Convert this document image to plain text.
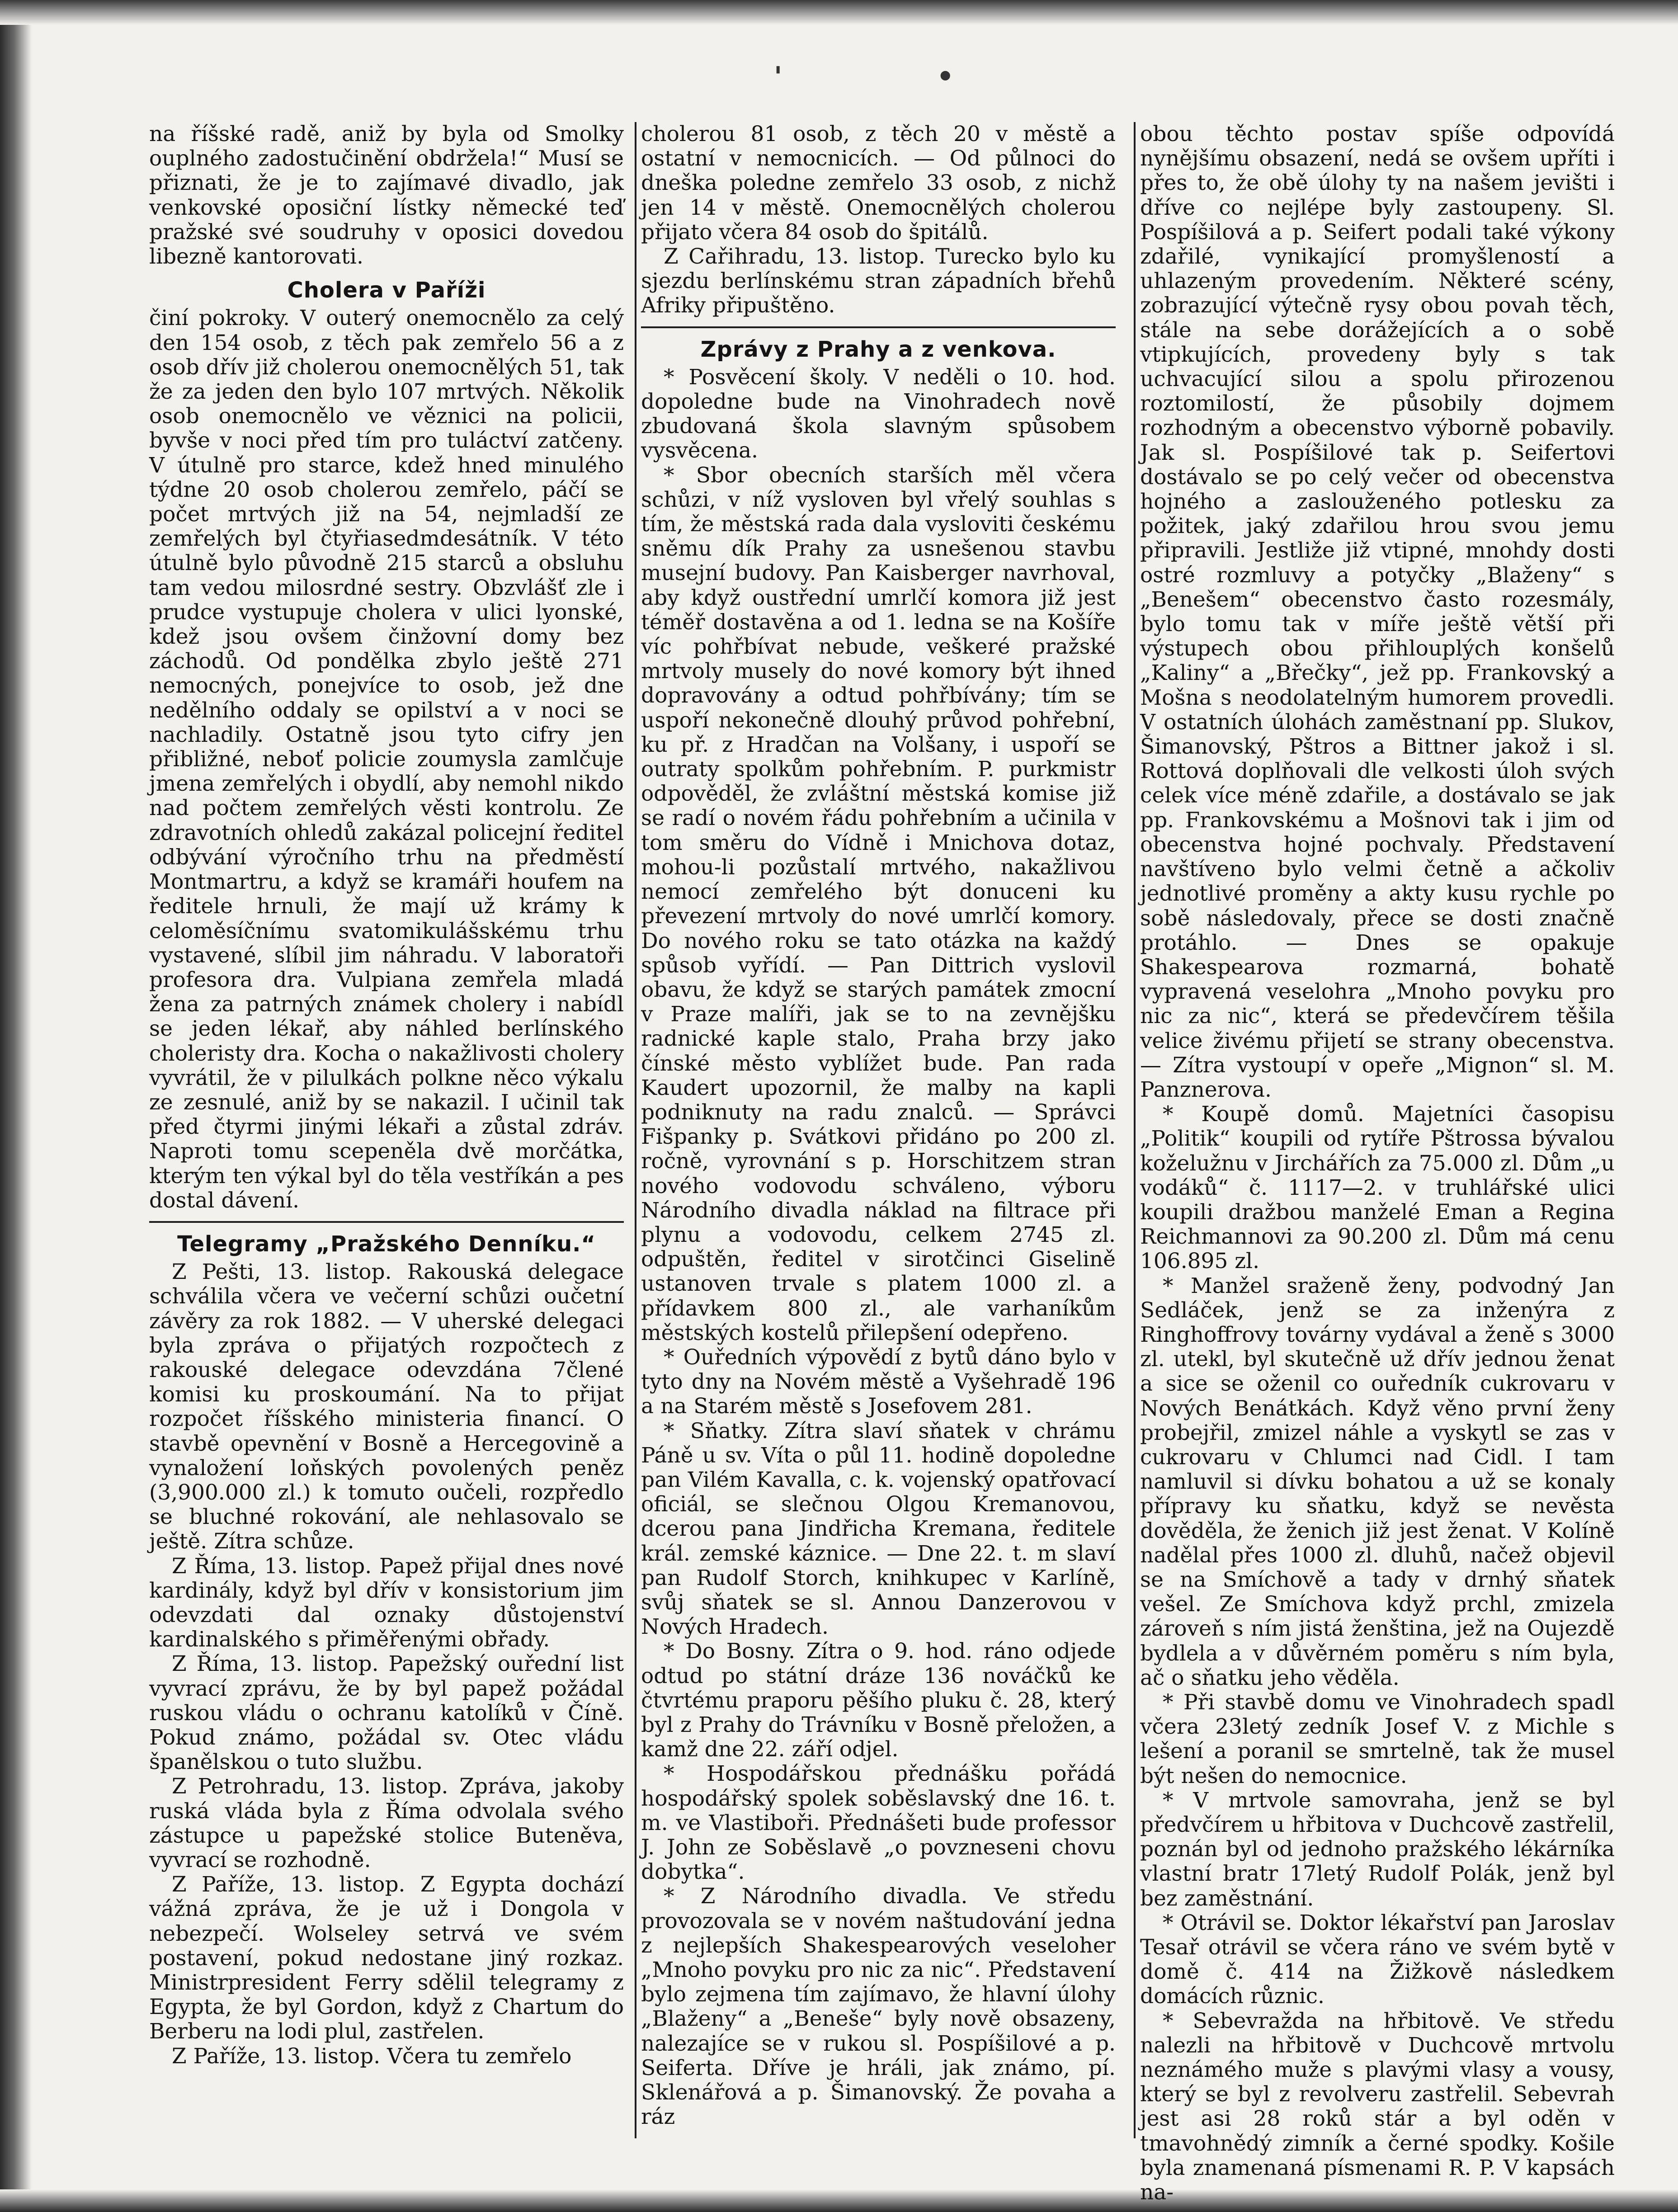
'	•

na říšské radě, aniž by byla od Smolky ouplného zadostučinění obdržela!“ Musí se přiznati, že je to zajímavé divadlo, jak venkovské oposiční lístky německé teď pražské své soudruhy v oposici dovedou libezně kantorovati.

Cholera v Paříži

činí pokroky. V outerý onemocnělo za celý den 154 osob, z těch pak zemřelo 56 a z osob dřív již cholerou onemocnělých 51, tak že za jeden den bylo 107 mrtvých. Několik osob onemocnělo ve věznici na policii, byvše v noci před tím pro tuláctví zatčeny. V útulně pro starce, kdež hned minulého týdne 20 osob cholerou zemřelo, páčí se počet mrtvých již na 54, nejmladší ze zemřelých byl čtyřiasedmdesátník. V této útulně bylo původně 215 starců a obsluhu tam vedou milosrdné sestry. Obzvlášť zle i prudce vystupuje cholera v ulici lyonské, kdež jsou ovšem činžovní domy bez záchodů. Od pondělka zbylo ještě 271 nemocných, ponejvíce to osob, jež dne nedělního oddaly se opilství a v noci se nachladily. Ostatně jsou tyto cifry jen přibližné, neboť policie zoumysla zamlčuje jmena zemřelých i obydlí, aby nemohl nikdo nad počtem zemřelých věsti kontrolu. Ze zdravotních ohledů zakázal policejní ředitel odbývání výročního trhu na předměstí Montmartru, a když se kramáři houfem na ředitele hrnuli, že mají už krámy k celoměsíčnímu svatomikulášskému trhu vystavené, slíbil jim náhradu. V laboratoři profesora dra. Vulpiana zemřela mladá žena za patrných známek cholery i nabídl se jeden lékař, aby náhled berlínského choleristy dra. Kocha o nakažlivosti cholery vyvrátil, že v pilulkách polkne něco výkalu ze zesnulé, aniž by se nakazil. I učinil tak před čtyrmi jinými lékaři a zůstal zdráv. Naproti tomu scepeněla dvě morčátka, kterým ten výkal byl do těla vestříkán a pes dostal dávení.

Telegramy „Pražského Denníku.“

Z Pešti, 13. listop. Rakouská delegace schválila včera ve večerní schůzi oučetní závěry za rok 1882. — V uherské delegaci byla zpráva o přijatých rozpočtech z rakouské delegace odevzdána 7člené komisi ku proskoumání. Na to přijat rozpočet říšského ministeria financí. O stavbě opevnění v Bosně a Hercegovině a vynaložení loňských povolených peněz (3,900.000 zl.) k tomuto oučeli, rozpředlo se bluchné rokování, ale nehlasovalo se ještě. Zítra schůze.

Z Říma, 13. listop. Papež přijal dnes nové kardinály, když byl dřív v konsistorium jim odevzdati dal oznaky důstojenství kardinalského s přiměřenými obřady.

Z Říma, 13. listop. Papežský ouřední list vyvrací zprávu, že by byl papež požádal ruskou vládu o ochranu katolíků v Číně. Pokud známo, požádal sv. Otec vládu španělskou o tuto službu.

Z Petrohradu, 13. listop. Zpráva, jakoby ruská vláda byla z Říma odvolala svého zástupce u papežské stolice Buteněva, vyvrací se rozhodně.

Z Paříže, 13. listop. Z Egypta dochází vážná zpráva, že je už i Dongola v nebezpečí. Wolseley setrvá ve svém postavení, pokud nedostane jiný rozkaz. Ministrpresident Ferry sdělil telegramy z Egypta, že byl Gordon, když z Chartum do Berberu na lodi plul, zastřelen.

Z Paříže, 13. listop. Včera tu zemřelo

cholerou 81 osob, z těch 20 v městě a ostatní v nemocnicích. — Od půlnoci do dneška poledne zemřelo 33 osob, z nichž jen 14 v městě. Onemocnělých cholerou přijato včera 84 osob do špitálů.

Z Cařihradu, 13. listop. Turecko bylo ku sjezdu berlínskému stran západních břehů Afriky připuštěno.

Zprávy z Prahy a z venkova.

* Posvěcení školy. V neděli o 10. hod. dopoledne bude na Vinohradech nově zbudovaná škola slavným spůsobem vysvěcena.

* Sbor obecních starších měl včera schůzi, v níž vysloven byl vřelý souhlas s tím, že městská rada dala vysloviti českému sněmu dík Prahy za usnešenou stavbu musejní budovy. Pan Kaisberger navrhoval, aby když oustřední umrlčí komora již jest téměř dostavěna a od 1. ledna se na Košíře víc pohřbívat nebude, veškeré pražské mrtvoly musely do nové komory být ihned dopravovány a odtud pohřbívány; tím se uspoří nekonečně dlouhý průvod pohřební, ku př. z Hradčan na Volšany, i uspoří se outraty spolkům pohřebním. P. purkmistr odpověděl, že zvláštní městská komise již se radí o novém řádu pohřebním a učinila v tom směru do Vídně i Mnichova dotaz, mohou-li pozůstalí mrtvého, nakažlivou nemocí zemřelého být donuceni ku převezení mrtvoly do nové umrlčí komory. Do nového roku se tato otázka na každý spůsob vyřídí. — Pan Dittrich vyslovil obavu, že když se starých památek zmocní v Praze malíři, jak se to na zevnějšku radnické kaple stalo, Praha brzy jako čínské město vyblížet bude. Pan rada Kaudert upozornil, že malby na kapli podniknuty na radu znalců. — Správci Fišpanky p. Svátkovi přidáno po 200 zl. ročně, vyrovnání s p. Horschitzem stran nového vodovodu schváleno, výboru Národního divadla náklad na filtrace při plynu a vodovodu, celkem 2745 zl. odpuštěn, ředitel v sirotčinci Giselině ustanoven trvale s platem 1000 zl. a přídavkem 800 zl., ale varhaníkům městských kostelů přilepšení odepřeno.

* Ouředních výpovědí z bytů dáno bylo v tyto dny na Novém městě a Vyšehradě 196 a na Starém městě s Josefovem 281.

* Sňatky. Zítra slaví sňatek v chrámu Páně u sv. Víta o půl 11. hodině dopoledne pan Vilém Kavalla, c. k. vojenský opatřovací oficiál, se slečnou Olgou Kremanovou, dcerou pana Jindřicha Kremana, ředitele král. zemské káznice. — Dne 22. t. m slaví pan Rudolf Storch, knihkupec v Karlíně, svůj sňatek se sl. Annou Danzerovou v Nových Hradech.

* Do Bosny. Zítra o 9. hod. ráno odjede odtud po státní dráze 136 nováčků ke čtvrtému praporu pěšího pluku č. 28, který byl z Prahy do Trávníku v Bosně přeložen, a kamž dne 22. září odjel.

* Hospodářskou přednášku pořádá hospodářský spolek soběslavský dne 16. t. m. ve Vlastiboři. Přednášeti bude professor J. John ze Soběslavě „o povzneseni chovu dobytka“.

* Z Národního divadla. Ve středu provozovala se v novém naštudování jedna z nejlepších Shakespearových veseloher „Mnoho povyku pro nic za nic“. Představení bylo zejmena tím zajímavo, že hlavní úlohy „Blaženy“ a „Beneše“ byly nově obsazeny, nalezajíce se v rukou sl. Pospíšilové a p. Seiferta. Dříve je hráli, jak známo, pí. Sklenářová a p. Šimanovský. Že povaha a ráz

obou těchto postav spíše odpovídá nynějšímu obsazení, nedá se ovšem upříti i přes to, že obě úlohy ty na našem jevišti i dříve co nejlépe byly zastoupeny. Sl. Pospíšilová a p. Seifert podali také výkony zdařilé, vynikající promyšleností a uhlazeným provedením. Některé scény, zobrazující výtečně rysy obou povah těch, stále na sebe dorážejících a o sobě vtipkujících, provedeny byly s tak uchvacující silou a spolu přirozenou roztomilostí, že působily dojmem rozhodným a obecenstvo výborně pobavily. Jak sl. Pospíšilové tak p. Seifertovi dostávalo se po celý večer od obecenstva hojného a zaslouženého potlesku za požitek, jaký zdařilou hrou svou jemu připravili. Jestliže již vtipné, mnohdy dosti ostré rozmluvy a potyčky „Blaženy“ s „Benešem“ obecenstvo často rozesmály, bylo tomu tak v míře ještě větší při výstupech obou přihlouplých konšelů „Kaliny“ a „Břečky“, jež pp. Frankovský a Mošna s neodolatelným humorem provedli. V ostatních úlohách zaměstnaní pp. Slukov, Šimanovský, Pštros a Bittner jakož i sl. Rottová doplňovali dle velkosti úloh svých celek více méně zdařile, a dostávalo se jak pp. Frankovskému a Mošnovi tak i jim od obecenstva hojné pochvaly. Představení navštíveno bylo velmi četně a ačkoliv jednotlivé proměny a akty kusu rychle po sobě následovaly, přece se dosti značně protáhlo. — Dnes se opakuje Shakespearova rozmarná, bohatě vypravená veselohra „Mnoho povyku pro nic za nic“, která se předevčírem těšila velice živému přijetí se strany obecenstva. — Zítra vystoupí v opeře „Mignon“ sl. M. Panznerova.

* Koupě domů. Majetníci časopisu „Politik“ koupili od rytíře Pštrossa bývalou koželužnu v Jirchářích za 75.000 zl. Dům „u vodáků“ č. 1117—2. v truhlářské ulici koupili dražbou manželé Eman a Regina Reichmannovi za 90.200 zl. Dům má cenu 106.895 zl.

* Manžel sraženě ženy, podvodný Jan Sedláček, jenž se za inženýra z Ringhoffrovy továrny vydával a ženě s 3000 zl. utekl, byl skutečně už dřív jednou ženat a sice se oženil co ouředník cukrovaru v Nových Benátkách. Když věno první ženy probejřil, zmizel náhle a vyskytl se zas v cukrovaru v Chlumci nad Cidl. I tam namluvil si dívku bohatou a už se konaly přípravy ku sňatku, když se nevěsta dověděla, že ženich již jest ženat. V Kolíně nadělal přes 1000 zl. dluhů, načež objevil se na Smíchově a tady v drnhý sňatek vešel. Ze Smíchova když prchl, zmizela zároveň s ním jistá ženština, jež na Oujezdě bydlela a v důvěrném poměru s ním byla, ač o sňatku jeho věděla.

* Při stavbě domu ve Vinohradech spadl včera 23letý zedník Josef V. z Michle s lešení a poranil se smrtelně, tak že musel být nešen do nemocnice.

* V mrtvole samovraha, jenž se byl předvčírem u hřbitova v Duchcově zastřelil, poznán byl od jednoho pražského lékárníka vlastní bratr 17letý Rudolf Polák, jenž byl bez zaměstnání.

* Otrávil se. Doktor lékařství pan Jaroslav Tesař otrávil se včera ráno ve svém bytě v domě č. 414 na Žižkově následkem domácích různic.

* Sebevražda na hřbitově. Ve středu nalezli na hřbitově v Duchcově mrtvolu neznámého muže s plavými vlasy a vousy, který se byl z revolveru zastřelil. Sebevrah jest asi 28 roků stár a byl oděn v tmavohnědý zimník a černé spodky. Košile byla znamenaná písmenami R. P. V kapsách na-
